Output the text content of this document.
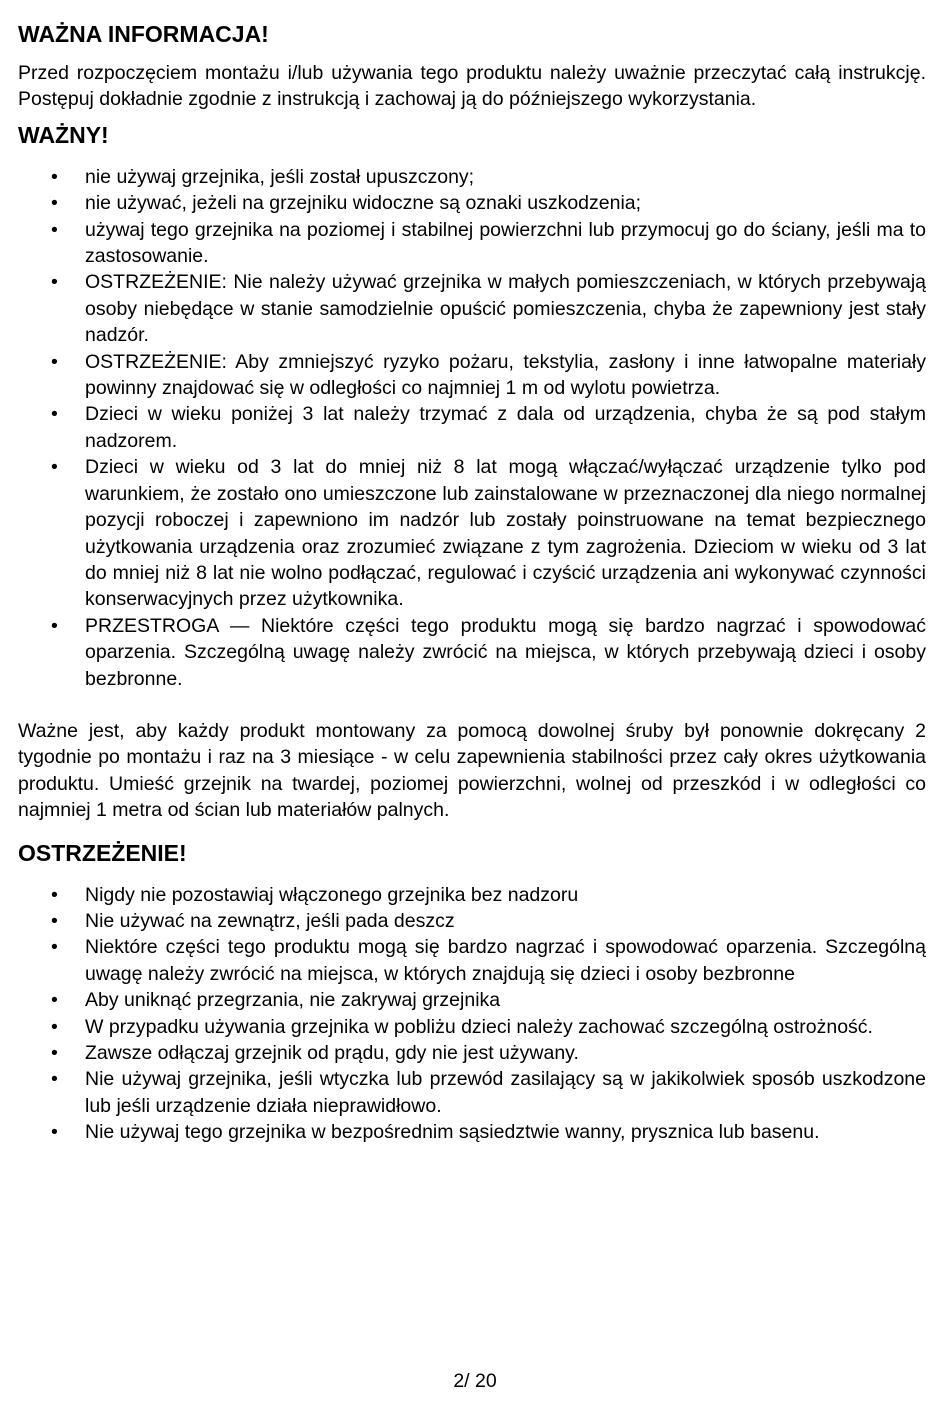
WAŻNA INFORMACJA!

Przed rozpoczęciem montażu i/lub używania tego produktu należy uważnie przeczytać całą instrukcję. Postępuj dokładnie zgodnie z instrukcją i zachowaj ją do późniejszego wykorzystania.

WAŻNY!
• nie używaj grzejnika, jeśli został upuszczony;
• nie używać, jeżeli na grzejniku widoczne są oznaki uszkodzenia;
• używaj tego grzejnika na poziomej i stabilnej powierzchni lub przymocuj go do ściany, jeśli ma to zastosowanie.
• OSTRZEŻENIE: Nie należy używać grzejnika w małych pomieszczeniach, w których przebywają osoby niebędące w stanie samodzielnie opuścić pomieszczenia, chyba że zapewniony jest stały nadzór.
• OSTRZEŻENIE: Aby zmniejszyć ryzyko pożaru, tekstylia, zasłony i inne łatwopalne materiały powinny znajdować się w odległości co najmniej 1 m od wylotu powietrza.
• Dzieci w wieku poniżej 3 lat należy trzymać z dala od urządzenia, chyba że są pod stałym nadzorem.
• Dzieci w wieku od 3 lat do mniej niż 8 lat mogą włączać/wyłączać urządzenie tylko pod warunkiem, że zostało ono umieszczone lub zainstalowane w przeznaczonej dla niego normalnej pozycji roboczej i zapewniono im nadzór lub zostały poinstruowane na temat bezpiecznego użytkowania urządzenia oraz zrozumieć związane z tym zagrożenia. Dzieciom w wieku od 3 lat do mniej niż 8 lat nie wolno podłączać, regulować i czyścić urządzenia ani wykonywać czynności konserwacyjnych przez użytkownika.
• PRZESTROGA — Niektóre części tego produktu mogą się bardzo nagrzać i spowodować oparzenia. Szczególną uwagę należy zwrócić na miejsca, w których przebywają dzieci i osoby bezbronne.

Ważne jest, aby każdy produkt montowany za pomocą dowolnej śruby był ponownie dokręcany 2 tygodnie po montażu i raz na 3 miesiące - w celu zapewnienia stabilności przez cały okres użytkowania produktu. Umieść grzejnik na twardej, poziomej powierzchni, wolnej od przeszkód i w odległości co najmniej 1 metra od ścian lub materiałów palnych.

OSTRZEŻENIE!
• Nigdy nie pozostawiaj włączonego grzejnika bez nadzoru
• Nie używać na zewnątrz, jeśli pada deszcz
• Niektóre części tego produktu mogą się bardzo nagrzać i spowodować oparzenia. Szczególną uwagę należy zwrócić na miejsca, w których znajdują się dzieci i osoby bezbronne
• Aby uniknąć przegrzania, nie zakrywaj grzejnika
• W przypadku używania grzejnika w pobliżu dzieci należy zachować szczególną ostrożność.
• Zawsze odłączaj grzejnik od prądu, gdy nie jest używany.
• Nie używaj grzejnika, jeśli wtyczka lub przewód zasilający są w jakikolwiek sposób uszkodzone lub jeśli urządzenie działa nieprawidłowo.
• Nie używaj tego grzejnika w bezpośrednim sąsiedztwie wanny, prysznica lub basenu.
2/ 20
